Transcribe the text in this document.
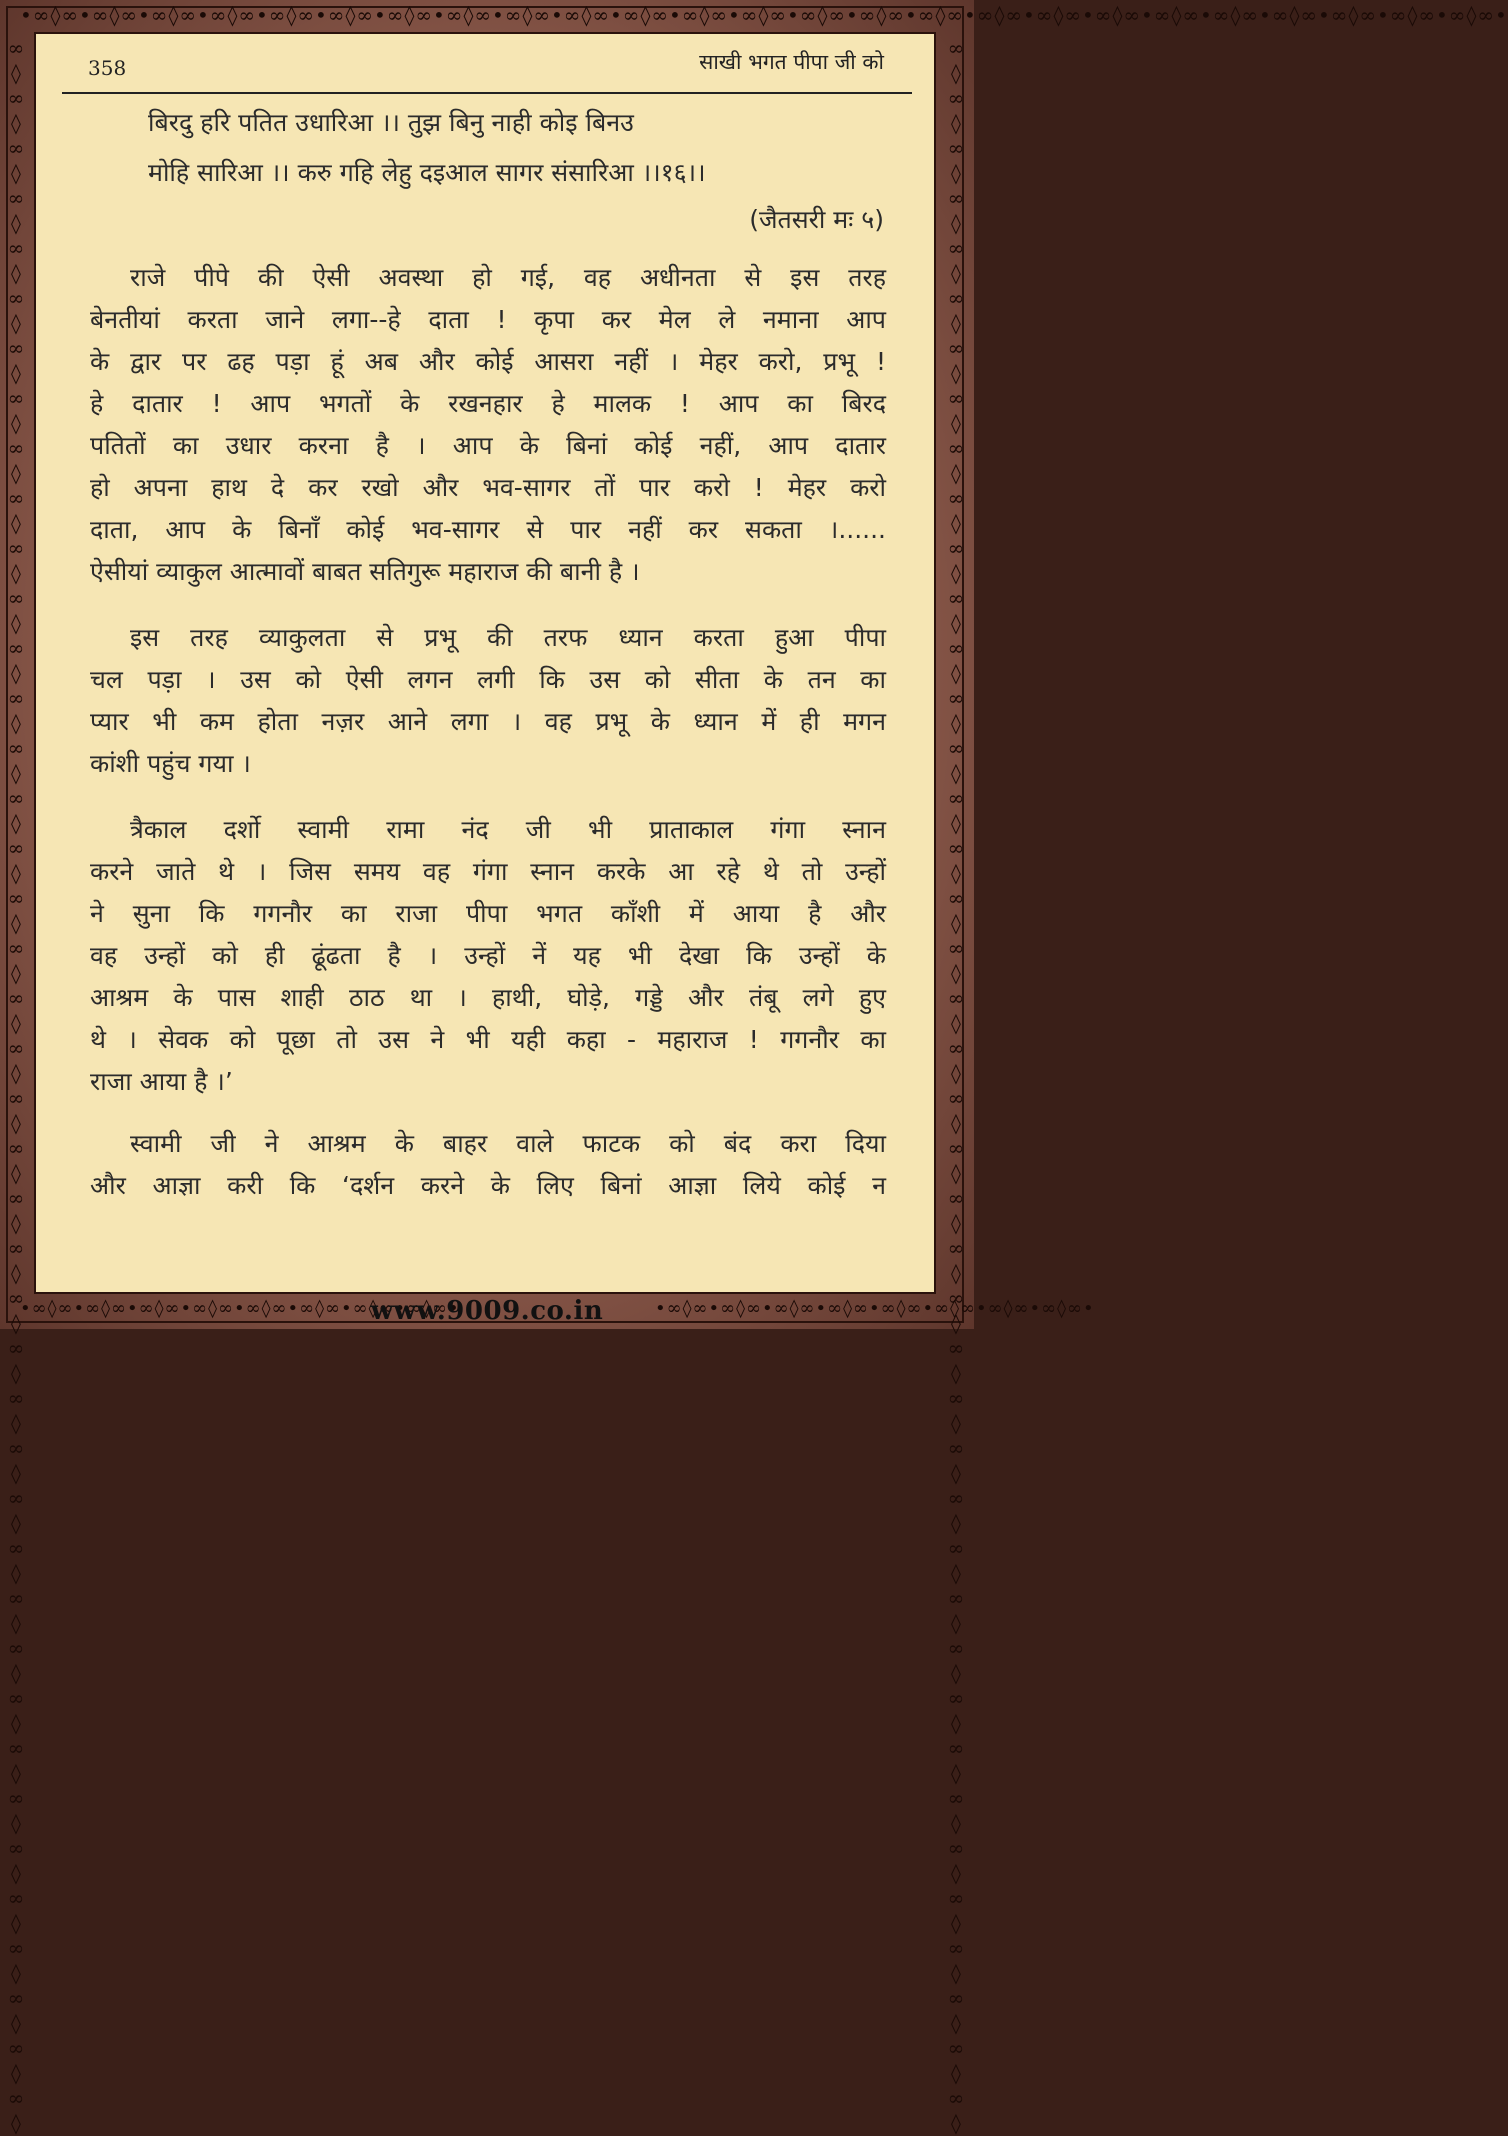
•∞◊∞•∞◊∞•∞◊∞•∞◊∞•∞◊∞•∞◊∞•∞◊∞•∞◊∞•∞◊∞•∞◊∞•∞◊∞•∞◊∞•∞◊∞•∞◊∞•∞◊∞•∞◊∞•∞◊∞•∞◊∞•∞◊∞•∞◊∞•∞◊∞•∞◊∞•∞◊∞•∞◊∞•∞◊∞•
∞◊∞◊∞◊∞◊∞◊∞◊∞◊∞◊∞◊∞◊∞◊∞◊∞◊∞◊∞◊∞◊∞◊∞◊∞◊∞◊∞◊∞◊∞◊∞◊∞◊∞◊∞◊∞◊∞◊∞◊∞◊∞◊∞◊∞◊∞◊∞◊∞◊∞◊∞◊∞◊∞◊∞◊	∞◊∞◊∞◊∞◊∞◊∞◊∞◊∞◊∞◊∞◊∞◊∞◊∞◊∞◊∞◊∞◊∞◊∞◊∞◊∞◊∞◊∞◊∞◊∞◊∞◊∞◊∞◊∞◊∞◊∞◊∞◊∞◊∞◊∞◊∞◊∞◊∞◊∞◊∞◊∞◊∞◊∞◊
•∞◊∞•∞◊∞•∞◊∞•∞◊∞•∞◊∞•∞◊∞•∞◊∞•∞◊∞•	•∞◊∞•∞◊∞•∞◊∞•∞◊∞•∞◊∞•∞◊∞•∞◊∞•∞◊∞•
www.9009.co.in
358	साखी भगत पीपा जी को
बिरदु हरि पतित उधारिआ ।। तुझ बिनु नाही कोइ बिनउ
मोहि सारिआ ।। करु गहि लेहु दइआल सागर संसारिआ ।।१६।।
(जैतसरी मः ५)
राजे पीपे की ऐसी अवस्था हो गई, वह अधीनता से इस तरह
बेनतीयां करता जाने लगा--हे दाता ! कृपा कर मेल ले नमाना आप
के द्वार पर ढह पड़ा हूं अब और कोई आसरा नहीं । मेहर करो, प्रभू !
हे दातार ! आप भगतों के रखनहार हे मालक ! आप का बिरद
पतितों का उधार करना है । आप के बिनां कोई नहीं, आप दातार
हो अपना हाथ दे कर रखो और भव-सागर तों पार करो ! मेहर करो
दाता, आप के बिनाँ कोई भव-सागर से पार नहीं कर सकता ।......
ऐसीयां व्याकुल आत्मावों बाबत सतिगुरू महाराज की बानी है ।
इस तरह व्याकुलता से प्रभू की तरफ ध्यान करता हुआ पीपा
चल पड़ा । उस को ऐसी लगन लगी कि उस को सीता के तन का
प्यार भी कम होता नज़र आने लगा । वह प्रभू के ध्यान में ही मगन
कांशी पहुंच गया ।
त्रैकाल दर्शो स्वामी रामा नंद जी भी प्राताकाल गंगा स्नान
करने जाते थे । जिस समय वह गंगा स्नान करके आ रहे थे तो उन्हों
ने सुना कि गगनौर का राजा पीपा भगत काँशी में आया है और
वह उन्हों को ही ढूंढता है । उन्हों नें यह भी देखा कि उन्हों के
आश्रम के पास शाही ठाठ था । हाथी, घोड़े, गड्डे और तंबू लगे हुए
थे । सेवक को पूछा तो उस ने भी यही कहा - महाराज ! गगनौर का
राजा आया है ।’
स्वामी जी ने आश्रम के बाहर वाले फाटक को बंद करा दिया
और आज्ञा करी कि ‘दर्शन करने के लिए बिनां आज्ञा लिये कोई न
